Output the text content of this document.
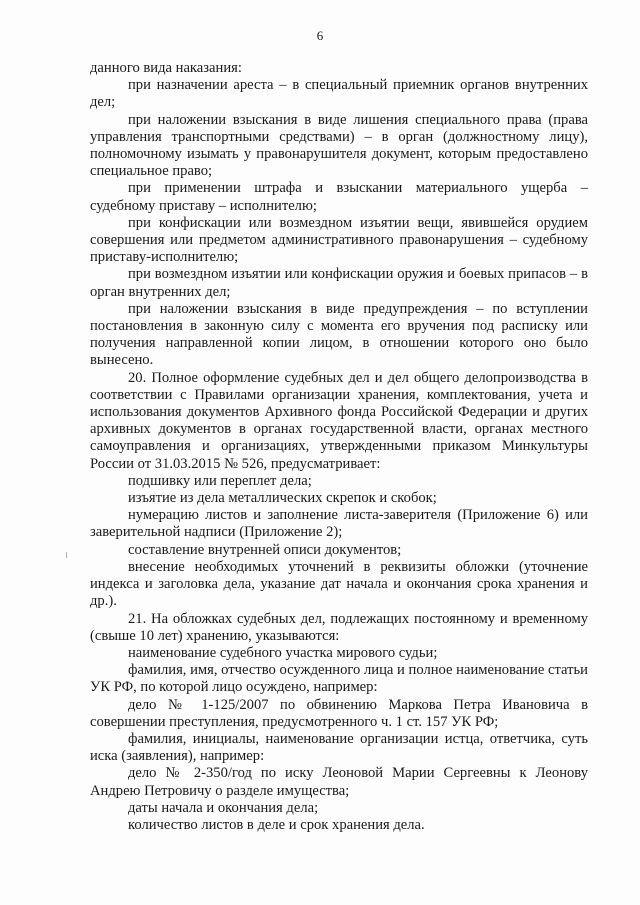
6

данного вида наказания:

при назначении ареста – в специальный приемник органов внутренних дел;

при наложении взыскания в виде лишения специального права (права управления транспортными средствами) – в орган (должностному лицу), полномочному изымать у правонарушителя документ, которым предоставлено специальное право;

при применении штрафа и взыскании материального ущерба – судебному приставу – исполнителю;

при конфискации или возмездном изъятии вещи, явившейся орудием совершения или предметом административного правонарушения – судебному приставу-исполнителю;

при возмездном изъятии или конфискации оружия и боевых припасов – в орган внутренних дел;

при наложении взыскания в виде предупреждения – по вступлении постановления в законную силу с момента его вручения под расписку или получения направленной копии лицом, в отношении которого оно было вынесено.

20. Полное оформление судебных дел и дел общего делопроизводства в соответствии с Правилами организации хранения, комплектования, учета и использования документов Архивного фонда Российской Федерации и других архивных документов в органах государственной власти, органах местного самоуправления и организациях, утвержденными приказом Минкультуры России от 31.03.2015 № 526, предусматривает:

подшивку или переплет дела;

изъятие из дела металлических скрепок и скобок;

нумерацию листов и заполнение листа-заверителя (Приложение 6) или заверительной надписи (Приложение 2);

составление внутренней описи документов;

внесение необходимых уточнений в реквизиты обложки (уточнение индекса и заголовка дела, указание дат начала и окончания срока хранения и др.).

21. На обложках судебных дел, подлежащих постоянному и временному (свыше 10 лет) хранению, указываются:

наименование судебного участка мирового судьи;

фамилия, имя, отчество осужденного лица и полное наименование статьи УК РФ, по которой лицо осуждено, например:

дело № 1-125/2007 по обвинению Маркова Петра Ивановича в совершении преступления, предусмотренного ч. 1 ст. 157 УК РФ;

фамилия, инициалы, наименование организации истца, ответчика, суть иска (заявления), например:

дело № 2-350/год по иску Леоновой Марии Сергеевны к Леонову Андрею Петровичу о разделе имущества;

даты начала и окончания дела;

количество листов в деле и срок хранения дела.
